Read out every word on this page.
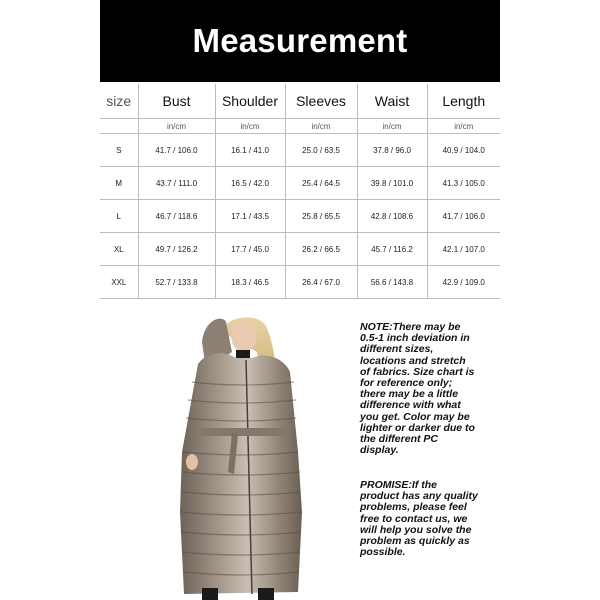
Measurement
size	Bust	Shoulder	Sleeves	Waist	Length
	in/cm	in/cm	in/cm	in/cm	in/cm
S	41.7 / 106.0	16.1 / 41.0	25.0 / 63.5	37.8 / 96.0	40.9 / 104.0
M	43.7 / 111.0	16.5 / 42.0	25.4 / 64.5	39.8 / 101.0	41.3 / 105.0
L	46.7 / 118.6	17.1 / 43.5	25.8 / 65.5	42.8 / 108.6	41.7 / 106.0
XL	49.7 / 126.2	17.7 / 45.0	26.2 / 66.5	45.7 / 116.2	42.1 / 107.0
XXL	52.7 / 133.8	18.3 / 46.5	26.4 / 67.0	56.6 / 143.8	42.9 / 109.0

NOTE:There may be 0.5-1 inch deviation in different sizes, locations and stretch of fabrics. Size chart is for reference only; there may be a little difference with what you get. Color may be lighter or darker due to the different PC display.

PROMISE:If the product has any quality problems, please feel free to contact us, we will help you solve the problem as quickly as possible.
